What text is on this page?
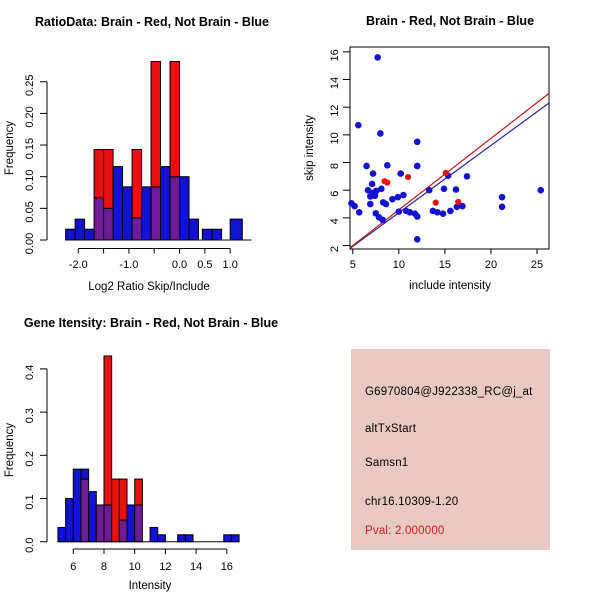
0.00
0.05
0.10
0.15
0.20
0.25
-2.0	-1.0	0.0 0.5 1.0
RatioData: Brain - Red, Not Brain - Blue
Log2 Ratio Skip/Include
Frequency
5	10	15	20	25
2
4
6
8
10
12
14
16
Brain - Red, Not Brain - Blue
include intensity
skip intensity
0.0
0.1
0.2
0.3
0.4
6 8 10 12 14 16
Gene Itensity: Brain - Red, Not Brain - Blue
Intensity
Frequency
G6970804@J922338_RC@j_at
altTxStart
Samsn1
chr16.10309-1.20
Pval: 2.000000
